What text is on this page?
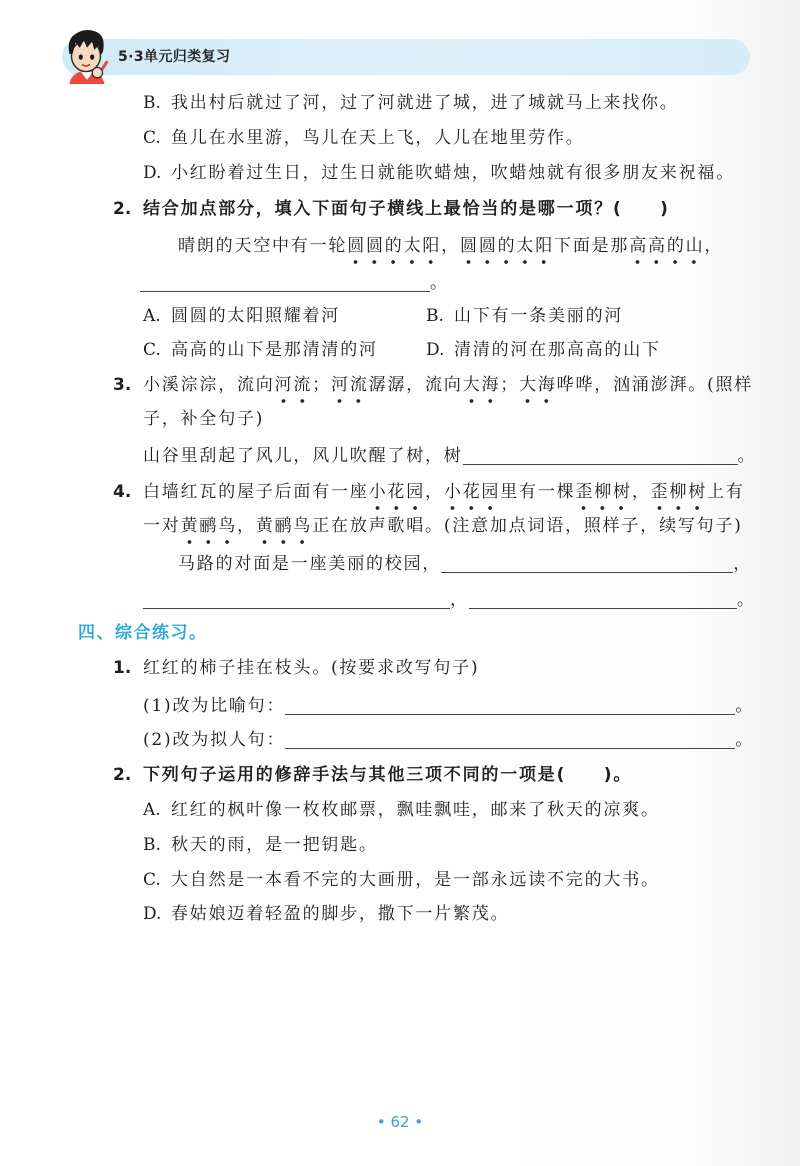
5·3单元归类复习
B. 我出村后就过了河，过了河就进了城，进了城就马上来找你。
C. 鱼儿在水里游，鸟儿在天上飞，人儿在地里劳作。
D. 小红盼着过生日，过生日就能吹蜡烛，吹蜡烛就有很多朋友来祝福。
2. 结合加点部分，填入下面句子横线上最恰当的是哪一项？(　　)
晴朗的天空中有一轮圆圆的太阳，圆圆的太阳下面是那高高的山，
。
A. 圆圆的太阳照耀着河	B. 山下有一条美丽的河
C. 高高的山下是那清清的河	D. 清清的河在那高高的山下
3. 小溪淙淙，流向河流；河流潺潺，流向大海；大海哗哗，汹涌澎湃。(照样
子，补全句子)
山谷里刮起了风儿，风儿吹醒了树，树	。
4. 白墙红瓦的屋子后面有一座小花园，小花园里有一棵歪柳树，歪柳树上有
一对黄鹂鸟，黄鹂鸟正在放声歌唱。(注意加点词语，照样子，续写句子)
马路的对面是一座美丽的校园，	，
，	。
四、综合练习。
1. 红红的柿子挂在枝头。(按要求改写句子)
(1)改为比喻句：	。
(2)改为拟人句：	。
2. 下列句子运用的修辞手法与其他三项不同的一项是(　　)。
A. 红红的枫叶像一枚枚邮票，飘哇飘哇，邮来了秋天的凉爽。
B. 秋天的雨，是一把钥匙。
C. 大自然是一本看不完的大画册，是一部永远读不完的大书。
D. 春姑娘迈着轻盈的脚步，撒下一片繁茂。
• 62 •
